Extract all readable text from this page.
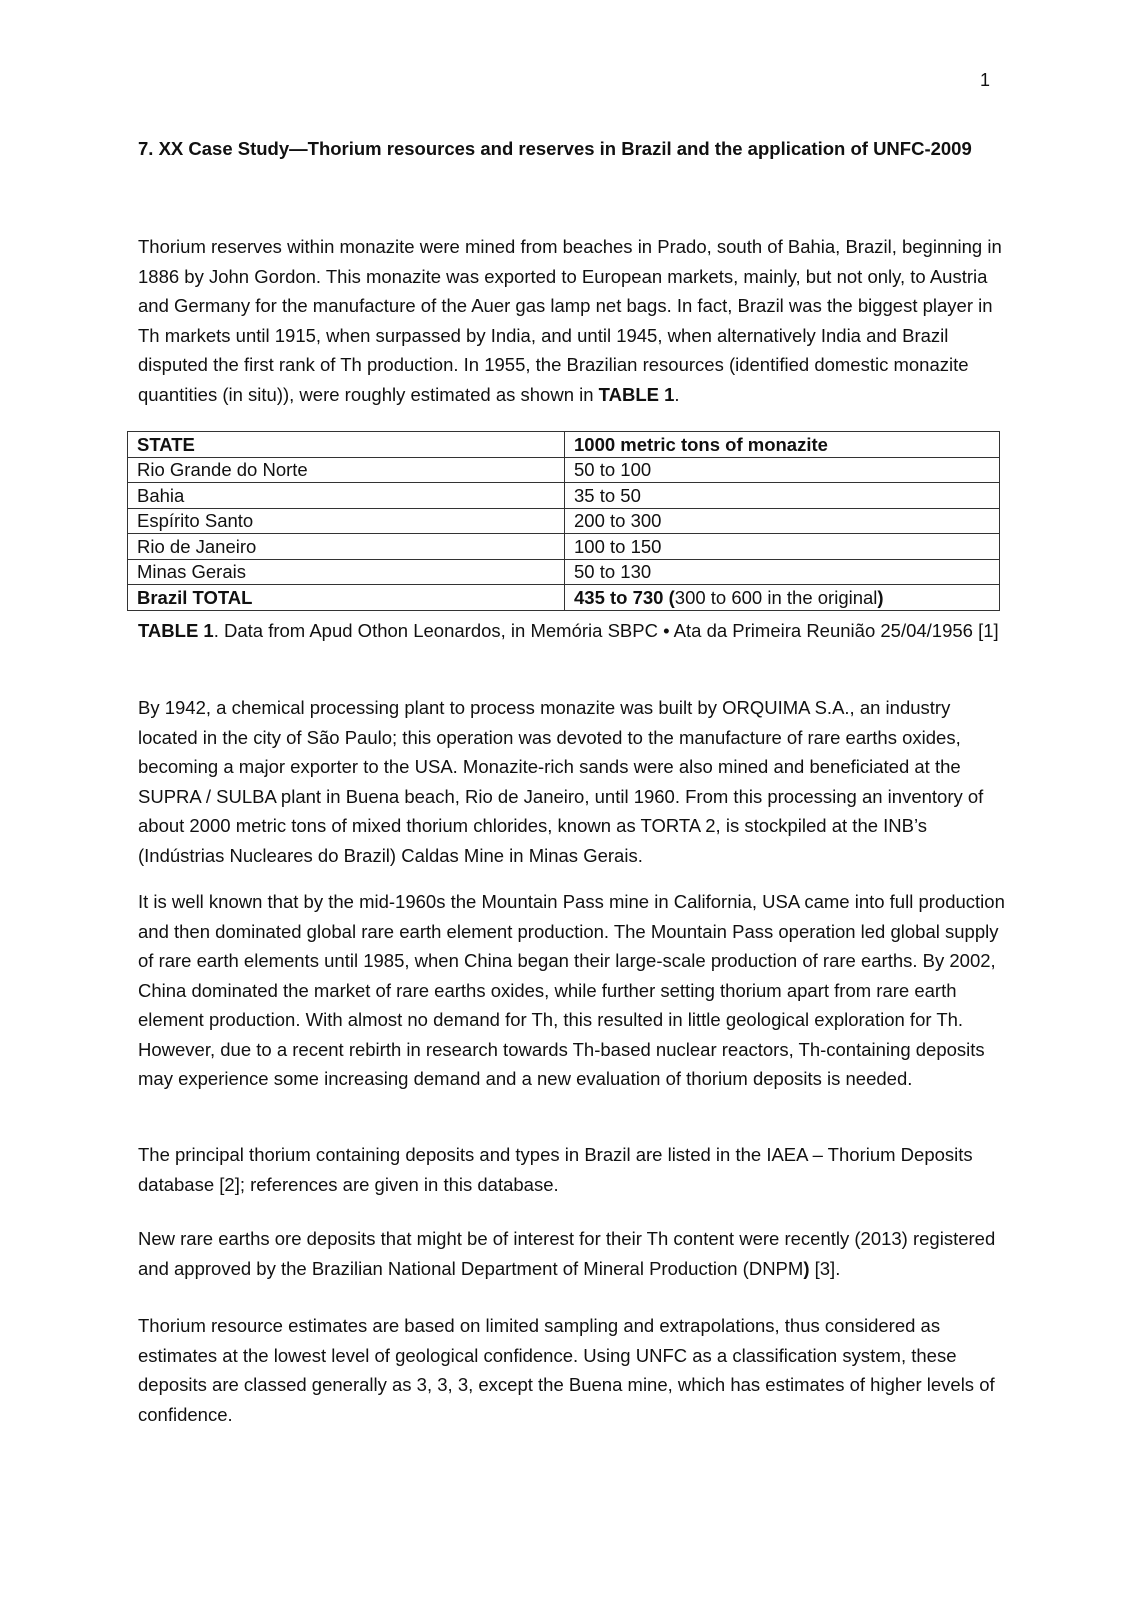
1
7. XX Case Study—Thorium resources and reserves in Brazil and the application of UNFC-2009

Thorium reserves within monazite were mined from beaches in Prado, south of Bahia, Brazil, beginning in 1886 by John Gordon. This monazite was exported to European markets, mainly, but not only, to Austria and Germany for the manufacture of the Auer gas lamp net bags. In fact, Brazil was the biggest player in Th markets until 1915, when surpassed by India, and until 1945, when alternatively India and Brazil disputed the first rank of Th production. In 1955, the Brazilian resources (identified domestic monazite quantities (in situ)), were roughly estimated as shown in TABLE 1.

STATE	1000 metric tons of monazite
Rio Grande do Norte	50 to 100
Bahia	35 to 50
Espírito Santo	200 to 300
Rio de Janeiro	100 to 150
Minas Gerais	50 to 130
Brazil TOTAL	435 to 730 (300 to 600 in the original)
TABLE 1. Data from Apud Othon Leonardos, in Memória SBPC • Ata da Primeira Reunião 25/04/1956 [1]

By 1942, a chemical processing plant to process monazite was built by ORQUIMA S.A., an industry located in the city of São Paulo; this operation was devoted to the manufacture of rare earths oxides, becoming a major exporter to the USA. Monazite-rich sands were also mined and beneficiated at the SUPRA / SULBA plant in Buena beach, Rio de Janeiro, until 1960. From this processing an inventory of about 2000 metric tons of mixed thorium chlorides, known as TORTA 2, is stockpiled at the INB’s (Indústrias Nucleares do Brazil) Caldas Mine in Minas Gerais.

It is well known that by the mid-1960s the Mountain Pass mine in California, USA came into full production and then dominated global rare earth element production. The Mountain Pass operation led global supply of rare earth elements until 1985, when China began their large-scale production of rare earths. By 2002, China dominated the market of rare earths oxides, while further setting thorium apart from rare earth element production. With almost no demand for Th, this resulted in little geological exploration for Th. However, due to a recent rebirth in research towards Th-based nuclear reactors, Th-containing deposits may experience some increasing demand and a new evaluation of thorium deposits is needed.

The principal thorium containing deposits and types in Brazil are listed in the IAEA – Thorium Deposits database [2]; references are given in this database.

New rare earths ore deposits that might be of interest for their Th content were recently (2013) registered and approved by the Brazilian National Department of Mineral Production (DNPM) [3].

Thorium resource estimates are based on limited sampling and extrapolations, thus considered as estimates at the lowest level of geological confidence. Using UNFC as a classification system, these deposits are classed generally as 3, 3, 3, except the Buena mine, which has estimates of higher levels of confidence.
